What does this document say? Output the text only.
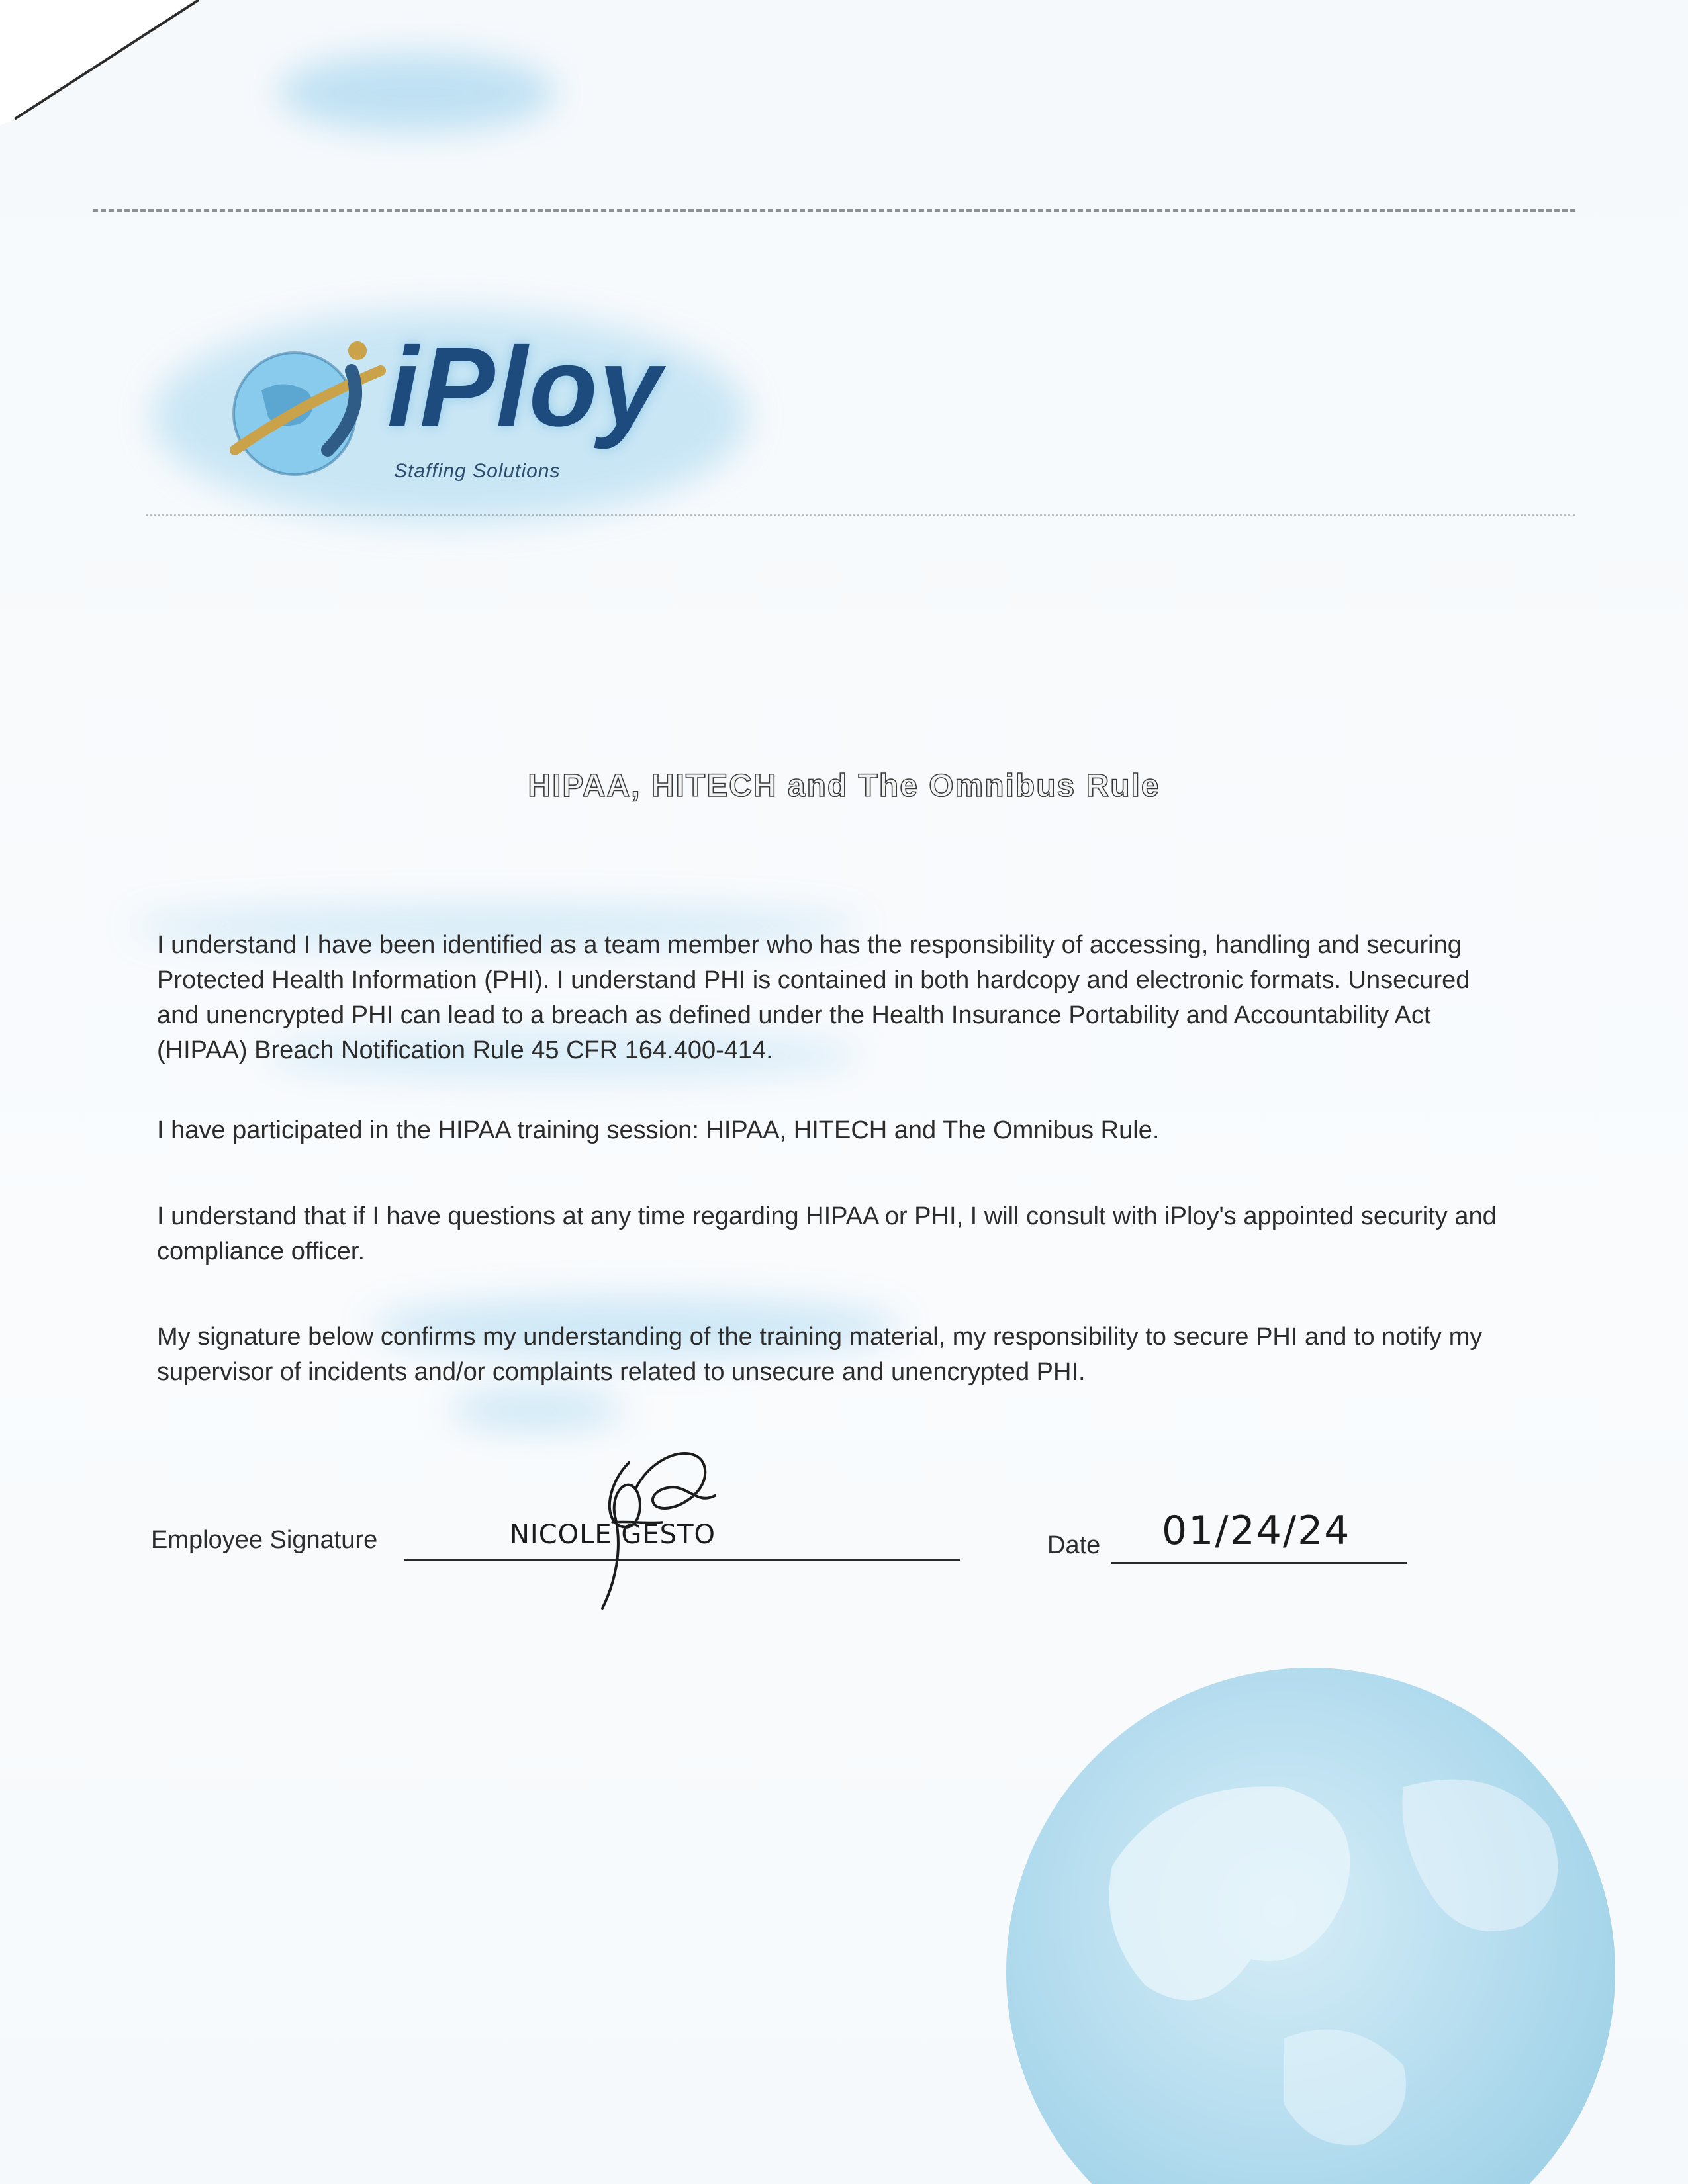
iPloy
Staffing Solutions
HIPAA, HITECH and The Omnibus Rule
I understand I have been identified as a team member who has the responsibility of accessing, handling and securing
Protected Health Information (PHI). I understand PHI is contained in both hardcopy and electronic formats. Unsecured
and unencrypted PHI can lead to a breach as defined under the Health Insurance Portability and Accountability Act
(HIPAA) Breach Notification Rule 45 CFR 164.400-414.
I have participated in the HIPAA training session: HIPAA, HITECH and The Omnibus Rule.
I understand that if I have questions at any time regarding HIPAA or PHI, I will consult with iPloy's appointed security and
compliance officer.
My signature below confirms my understanding of the training material, my responsibility to secure PHI and to notify my
supervisor of incidents and/or complaints related to unsecure and unencrypted PHI.
Employee Signature	NICOLE GESTO	Date 01/24/24
